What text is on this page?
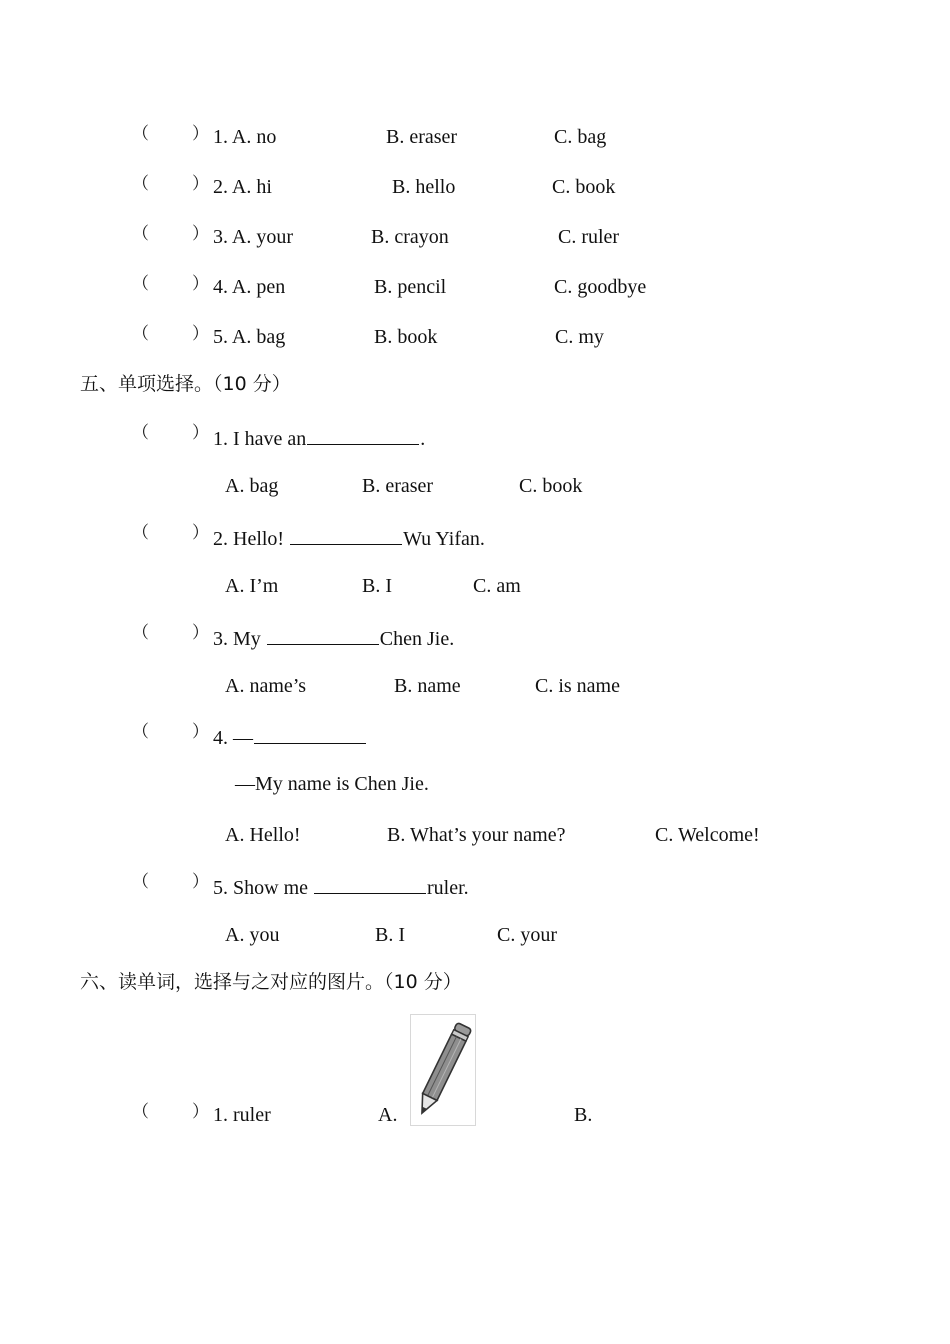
（	） 1. A. no	B. eraser	C. bag
（	） 2. A. hi	B. hello	C. book
（	） 3. A. your	B. crayon	C. ruler
（	） 4. A. pen	B. pencil	C. goodbye
（	） 5. A. bag	B. book	C. my
五、单项选择。（10 分）
（	） 1. I have an	.
A. bag	B. eraser	C. book
（	） 2. Hello!	Wu Yifan.
A. I’m	B. I	C. am
（	） 3. My	Chen Jie.
A. name’s	B. name	C. is name
（	） 4. —
—My name is Chen Jie.
A. Hello!	B. What’s your name?	C. Welcome!
（	） 5. Show me	ruler.
A. you	B. I	C. your
六、读单词，选择与之对应的图片。（10 分）
（	） 1. ruler	A.	B.
